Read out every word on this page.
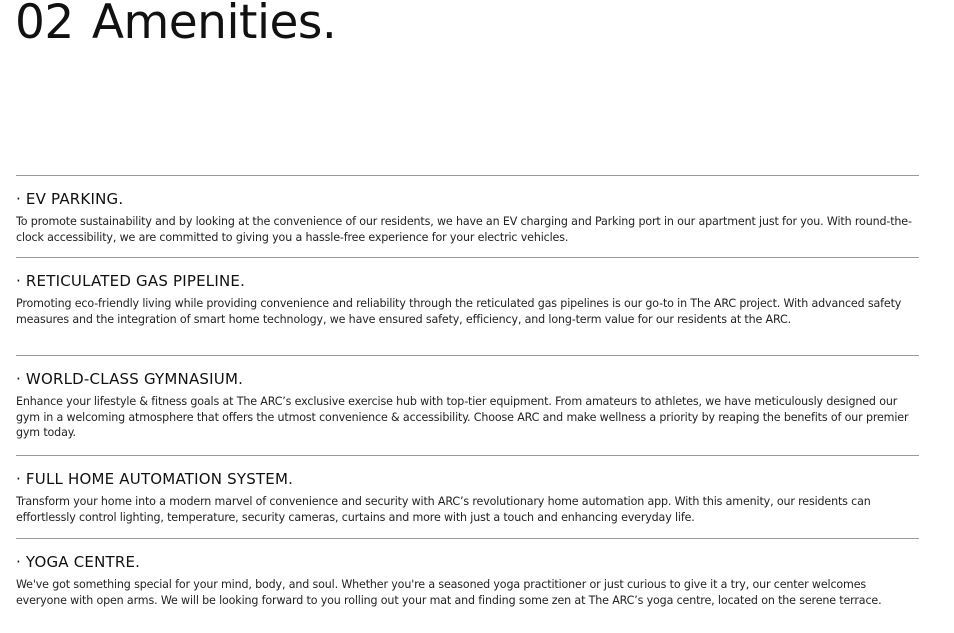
02 Amenities.
· EV PARKING.

To promote sustainability and by looking at the convenience of our residents, we have an EV charging and Parking port in our apartment just for you. With round-the-clock accessibility, we are committed to giving you a hassle-free experience for your electric vehicles.

· RETICULATED GAS PIPELINE.

Promoting eco-friendly living while providing convenience and reliability through the reticulated gas pipelines is our go-to in The ARC project. With advanced safety measures and the integration of smart home technology, we have ensured safety, efficiency, and long-term value for our residents at the ARC.

· WORLD-CLASS GYMNASIUM.

Enhance your lifestyle & fitness goals at The ARC’s exclusive exercise hub with top-tier equipment. From amateurs to athletes, we have meticulously designed our gym in a welcoming atmosphere that offers the utmost convenience & accessibility. Choose ARC and make wellness a priority by reaping the benefits of our premier gym today.

· FULL HOME AUTOMATION SYSTEM.

Transform your home into a modern marvel of convenience and security with ARC’s revolutionary home automation app. With this amenity, our residents can effortlessly control lighting, temperature, security cameras, curtains and more with just a touch and enhancing everyday life.

· YOGA CENTRE.

We've got something special for your mind, body, and soul. Whether you're a seasoned yoga practitioner or just curious to give it a try, our center welcomes everyone with open arms. We will be looking forward to you rolling out your mat and finding some zen at The ARC’s yoga centre, located on the serene terrace.
